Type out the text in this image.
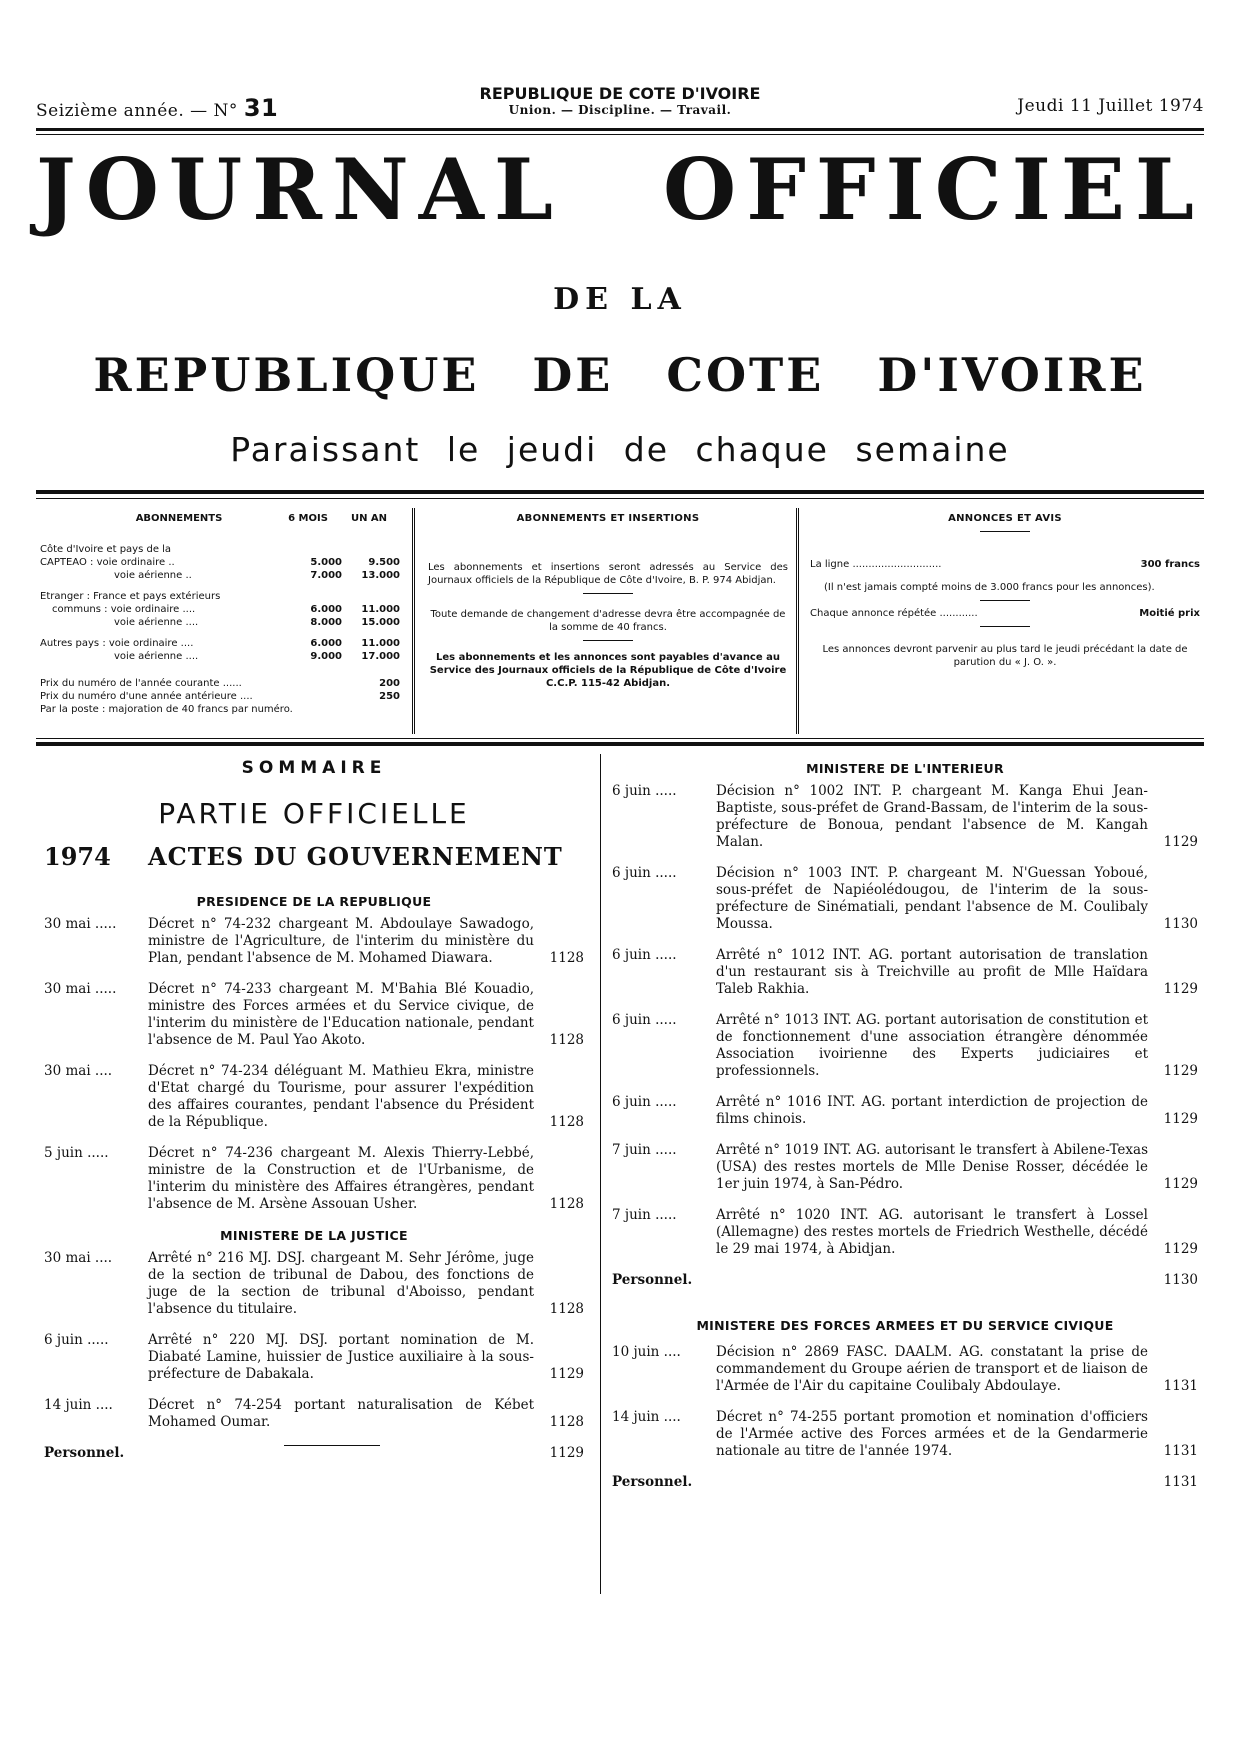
Seizième année. — N° 31
REPUBLIQUE DE COTE D'IVOIRE
Union. — Discipline. — Travail.	Jeudi 11 Juillet 1974
JOURNAL OFFICIEL
DE LA
REPUBLIQUE DE COTE D'IVOIRE
Paraissant le jeudi de chaque semaine
ABONNEMENTS	6 MOIS	UN AN
Côte d'Ivoire et pays de la
CAPTEAO : voie ordinaire ..	5.000	9.500
voie aérienne ..	7.000	13.000
Etranger : France et pays extérieurs
communs : voie ordinaire ....	6.000	11.000
voie aérienne ....	8.000	15.000
Autres pays : voie ordinaire ....	6.000	11.000
voie aérienne ....	9.000	17.000
Prix du numéro de l'année courante ......	200
Prix du numéro d'une année antérieure ....	250
Par la poste : majoration de 40 francs par numéro.
ABONNEMENTS ET INSERTIONS
Les abonnements et insertions seront adressés au Service des Journaux officiels de la République de Côte d'Ivoire, B. P. 974 Abidjan.
Toute demande de changement d'adresse devra être accompagnée de la somme de 40 francs.
Les abonnements et les annonces sont payables d'avance au Service des Journaux officiels de la République de Côte d'Ivoire C.C.P. 115-42 Abidjan.
ANNONCES ET AVIS
La ligne ............................	300 francs
(Il n'est jamais compté moins de 3.000 francs pour les annonces).
Chaque annonce répétée ............	Moitié prix
Les annonces devront parvenir au plus tard le jeudi précédant la date de parution du « J. O. ».
SOMMAIRE
PARTIE OFFICIELLE
1974	ACTES DU GOUVERNEMENT
PRESIDENCE DE LA REPUBLIQUE
30 mai .....	Décret n° 74-232 chargeant M. Abdoulaye Sawadogo, ministre de l'Agriculture, de l'interim du ministère du Plan, pendant l'absence de M. Mohamed Diawara.	1128
30 mai .....	Décret n° 74-233 chargeant M. M'Bahia Blé Kouadio, ministre des Forces armées et du Service civique, de l'interim du ministère de l'Education nationale, pendant l'absence de M. Paul Yao Akoto.	1128
30 mai ....	Décret n° 74-234 déléguant M. Mathieu Ekra, ministre d'Etat chargé du Tourisme, pour assurer l'expédition des affaires courantes, pendant l'absence du Président de la République.	1128
5 juin .....	Décret n° 74-236 chargeant M. Alexis Thierry-Lebbé, ministre de la Construction et de l'Urbanisme, de l'interim du ministère des Affaires étrangères, pendant l'absence de M. Arsène Assouan Usher.	1128
MINISTERE DE LA JUSTICE
30 mai ....	Arrêté n° 216 MJ. DSJ. chargeant M. Sehr Jérôme, juge de la section de tribunal de Dabou, des fonctions de juge de la section de tribunal d'Aboisso, pendant l'absence du titulaire.	1128
6 juin .....	Arrêté n° 220 MJ. DSJ. portant nomination de M. Diabaté Lamine, huissier de Justice auxiliaire à la sous-préfecture de Dabakala.	1129
14 juin ....	Décret n° 74-254 portant naturalisation de Kébet Mohamed Oumar.	1128
Personnel.	1129
MINISTERE DE L'INTERIEUR
6 juin .....	Décision n° 1002 INT. P. chargeant M. Kanga Ehui Jean-Baptiste, sous-préfet de Grand-Bassam, de l'interim de la sous-préfecture de Bonoua, pendant l'absence de M. Kangah Malan.	1129
6 juin .....	Décision n° 1003 INT. P. chargeant M. N'Guessan Yoboué, sous-préfet de Napiéolédougou, de l'interim de la sous-préfecture de Sinématiali, pendant l'absence de M. Coulibaly Moussa.	1130
6 juin .....	Arrêté n° 1012 INT. AG. portant autorisation de translation d'un restaurant sis à Treichville au profit de Mlle Haïdara Taleb Rakhia.	1129
6 juin .....	Arrêté n° 1013 INT. AG. portant autorisation de constitution et de fonctionnement d'une association étrangère dénommée Association ivoirienne des Experts judiciaires et professionnels.	1129
6 juin .....	Arrêté n° 1016 INT. AG. portant interdiction de projection de films chinois.	1129
7 juin .....	Arrêté n° 1019 INT. AG. autorisant le transfert à Abilene-Texas (USA) des restes mortels de Mlle Denise Rosser, décédée le 1er juin 1974, à San-Pédro.	1129
7 juin .....	Arrêté n° 1020 INT. AG. autorisant le transfert à Lossel (Allemagne) des restes mortels de Friedrich Westhelle, décédé le 29 mai 1974, à Abidjan.	1129
Personnel.	1130
MINISTERE DES FORCES ARMEES ET DU SERVICE CIVIQUE
10 juin ....	Décision n° 2869 FASC. DAALM. AG. constatant la prise de commandement du Groupe aérien de transport et de liaison de l'Armée de l'Air du capitaine Coulibaly Abdoulaye.	1131
14 juin ....	Décret n° 74-255 portant promotion et nomination d'officiers de l'Armée active des Forces armées et de la Gendarmerie nationale au titre de l'année 1974.	1131
Personnel.	1131
